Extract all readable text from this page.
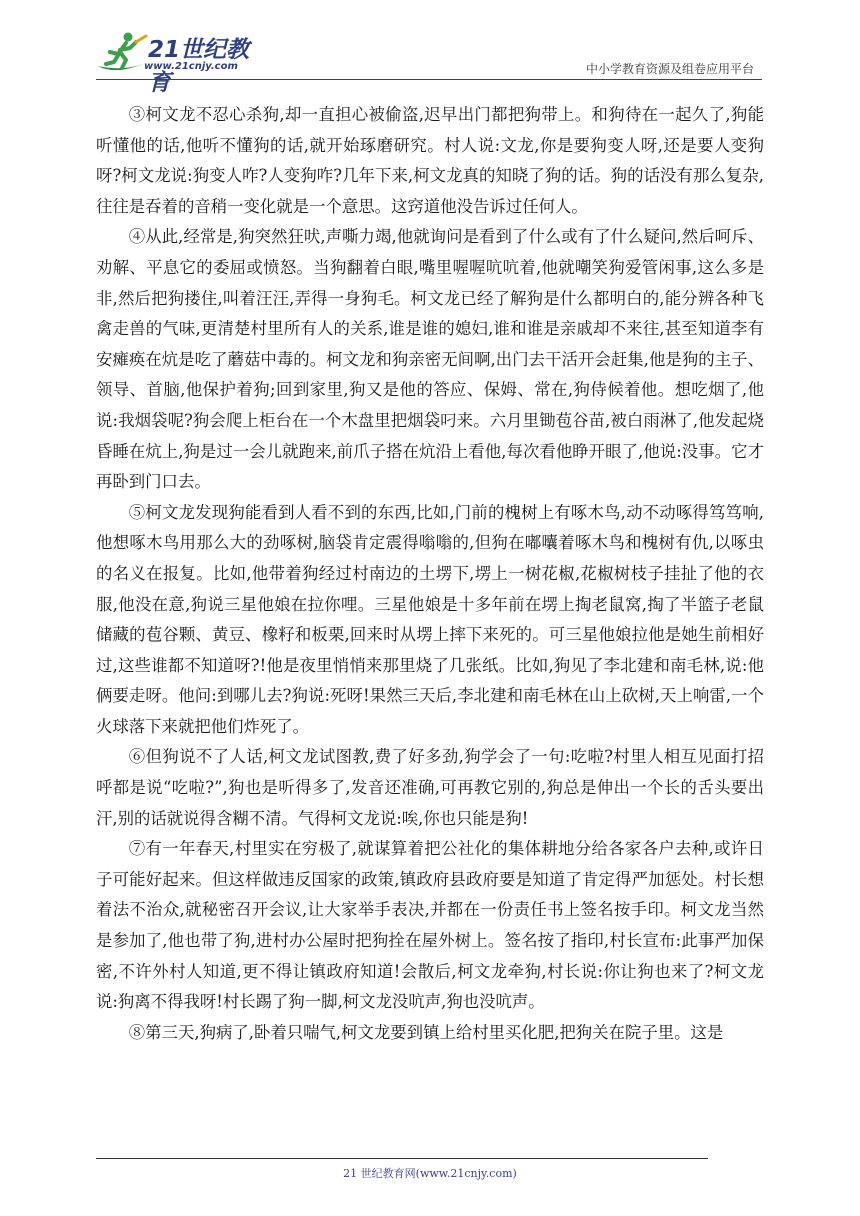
21世纪教育
www.21cnjy.com	中小学教育资源及组卷应用平台

③柯文龙不忍心杀狗,却一直担心被偷盗,迟早出门都把狗带上。和狗待在一起久了,狗能听懂他的话,他听不懂狗的话,就开始琢磨研究。村人说:文龙,你是要狗变人呀,还是要人变狗呀?柯文龙说:狗变人咋?人变狗咋?几年下来,柯文龙真的知晓了狗的话。狗的话没有那么复杂,往往是吞着的音稍一变化就是一个意思。这窍道他没告诉过任何人。

④从此,经常是,狗突然狂吠,声嘶力竭,他就询问是看到了什么或有了什么疑问,然后呵斥、劝解、平息它的委屈或愤怒。当狗翻着白眼,嘴里喔喔吭吭着,他就嘲笑狗爱管闲事,这么多是非,然后把狗搂住,叫着汪汪,弄得一身狗毛。柯文龙已经了解狗是什么都明白的,能分辨各种飞禽走兽的气味,更清楚村里所有人的关系,谁是谁的媳妇,谁和谁是亲戚却不来往,甚至知道李有安瘫痪在炕是吃了蘑菇中毒的。柯文龙和狗亲密无间啊,出门去干活开会赶集,他是狗的主子、领导、首脑,他保护着狗;回到家里,狗又是他的答应、保姆、常在,狗侍候着他。想吃烟了,他说:我烟袋呢?狗会爬上柜台在一个木盘里把烟袋叼来。六月里锄苞谷苗,被白雨淋了,他发起烧昏睡在炕上,狗是过一会儿就跑来,前爪子搭在炕沿上看他,每次看他睁开眼了,他说:没事。它才再卧到门口去。

⑤柯文龙发现狗能看到人看不到的东西,比如,门前的槐树上有啄木鸟,动不动啄得笃笃响,他想啄木鸟用那么大的劲啄树,脑袋肯定震得嗡嗡的,但狗在嘟囔着啄木鸟和槐树有仇,以啄虫的名义在报复。比如,他带着狗经过村南边的土塄下,塄上一树花椒,花椒树枝子挂扯了他的衣服,他没在意,狗说三星他娘在拉你哩。三星他娘是十多年前在塄上掏老鼠窝,掏了半篮子老鼠储藏的苞谷颗、黄豆、橡籽和板栗,回来时从塄上摔下来死的。可三星他娘拉他是她生前相好过,这些谁都不知道呀?!他是夜里悄悄来那里烧了几张纸。比如,狗见了李北建和南毛林,说:他俩要走呀。他问:到哪儿去?狗说:死呀!果然三天后,李北建和南毛林在山上砍树,天上响雷,一个火球落下来就把他们炸死了。

⑥但狗说不了人话,柯文龙试图教,费了好多劲,狗学会了一句:吃啦?村里人相互见面打招呼都是说“吃啦?”,狗也是听得多了,发音还准确,可再教它别的,狗总是伸出一个长的舌头要出汗,别的话就说得含糊不清。气得柯文龙说:唉,你也只能是狗!

⑦有一年春天,村里实在穷极了,就谋算着把公社化的集体耕地分给各家各户去种,或许日子可能好起来。但这样做违反国家的政策,镇政府县政府要是知道了肯定得严加惩处。村长想着法不治众,就秘密召开会议,让大家举手表决,并都在一份责任书上签名按手印。柯文龙当然是参加了,他也带了狗,进村办公屋时把狗拴在屋外树上。签名按了指印,村长宣布:此事严加保密,不许外村人知道,更不得让镇政府知道!会散后,柯文龙牵狗,村长说:你让狗也来了?柯文龙说:狗离不得我呀!村长踢了狗一脚,柯文龙没吭声,狗也没吭声。

⑧第三天,狗病了,卧着只喘气,柯文龙要到镇上给村里买化肥,把狗关在院子里。这是

21 世纪教育网(www.21cnjy.com)
